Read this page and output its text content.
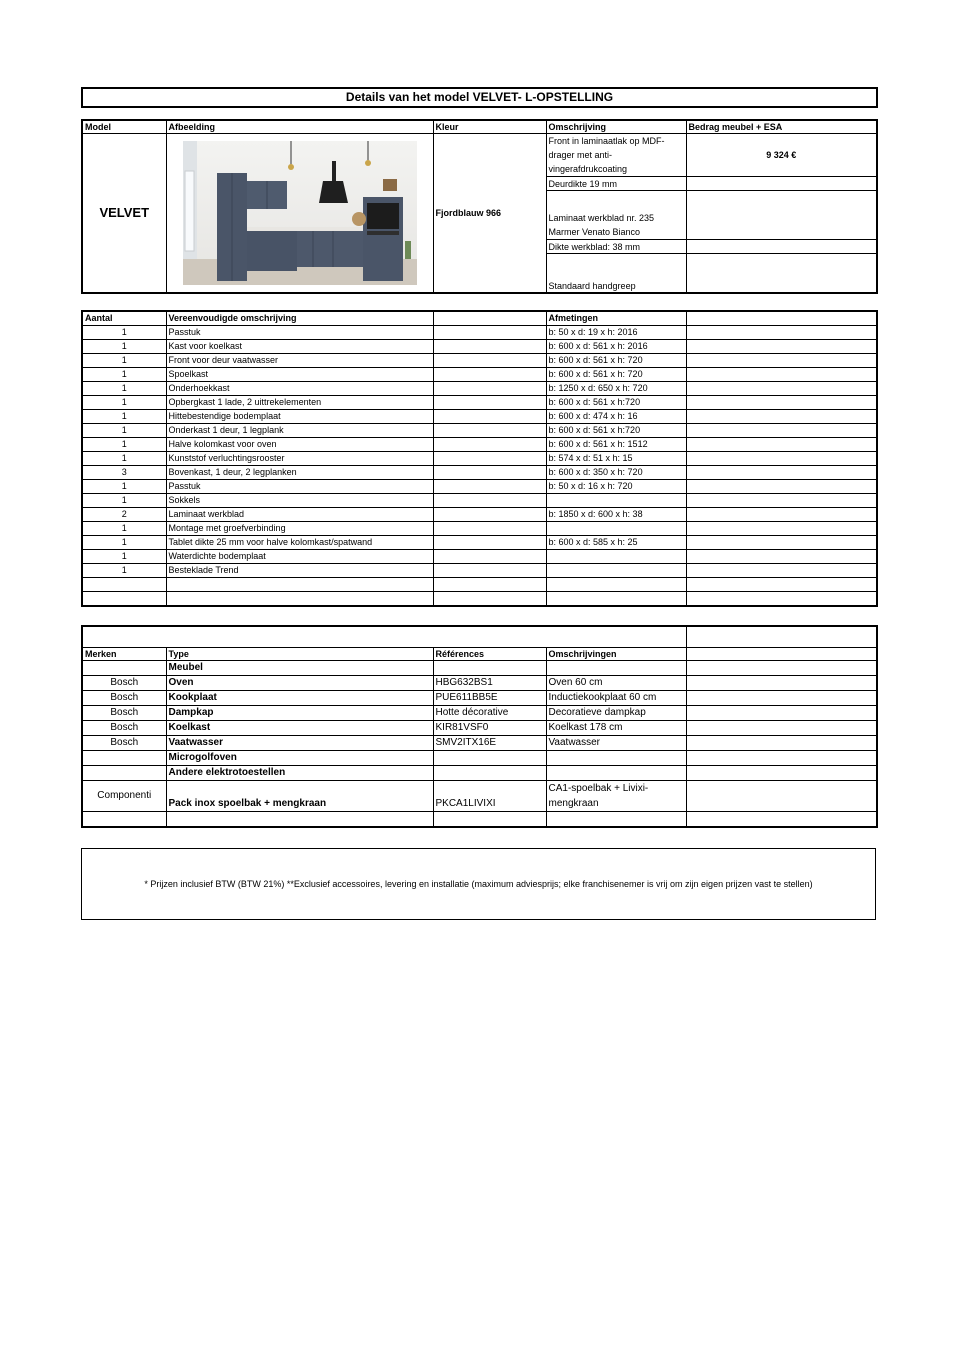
Details van het model VELVET- L-OPSTELLING
Model	Afbeelding	Kleur	Omschrijving	Bedrag meubel + ESA
VELVET		Fjordblauw 966	Front in laminaatlak op MDF-drager met anti-vingerafdrukcoating	9 324 €

			Deurdikte 19 mm	
			Laminaat werkblad nr. 235 Marmer Venato Bianco	
			Dikte werkblad: 38 mm	
			Standaard handgreep	

Aantal	Vereenvoudigde omschrijving		Afmetingen	
1	Passtuk		b: 50 x d: 19 x h: 2016	
1	Kast voor koelkast		b: 600 x d: 561 x h: 2016	
1	Front voor deur vaatwasser		b: 600 x d: 561 x h: 720	
1	Spoelkast		b: 600 x d: 561 x h: 720	
1	Onderhoekkast		b: 1250 x d: 650 x h: 720	
1	Opbergkast 1 lade, 2 uittrekelementen		b: 600 x d: 561 x h:720	
1	Hittebestendige bodemplaat		b: 600 x d: 474 x h: 16	
1	Onderkast 1 deur, 1 legplank		b: 600 x d: 561 x h:720	
1	Halve kolomkast voor oven		b: 600 x d: 561 x h: 1512	
1	Kunststof verluchtingsrooster		b: 574 x d: 51 x h: 15	
3	Bovenkast, 1 deur, 2 legplanken		b: 600 x d: 350 x h: 720	
1	Passtuk		b: 50 x d: 16 x h: 720	
1	Sokkels			
2	Laminaat werkblad		b: 1850 x d: 600 x h: 38	
1	Montage met groefverbinding			
1	Tablet dikte 25 mm voor halve kolomkast/spatwand		b: 600 x d: 585 x h: 25	
1	Waterdichte bodemplaat			
1	Besteklade Trend			

Merken	Type	Références	Omschrijvingen	
	Meubel			
Bosch	Oven	HBG632BS1	Oven 60 cm	
Bosch	Kookplaat	PUE611BB5E	Inductiekookplaat 60 cm	
Bosch	Dampkap	Hotte décorative	Decoratieve dampkap	
Bosch	Koelkast	KIR81VSF0	Koelkast 178 cm	
Bosch	Vaatwasser	SMV2ITX16E	Vaatwasser	
	Microgolfoven			
	Andere elektrotoestellen			
Componenti	Pack inox spoelbak + mengkraan	PKCA1LIVIXI	CA1-spoelbak + Livixi-mengkraan	

* Prijzen inclusief BTW (BTW 21%) **Exclusief accessoires, levering en installatie (maximum adviesprijs; elke franchisenemer is vrij om zijn eigen prijzen vast te stellen)
